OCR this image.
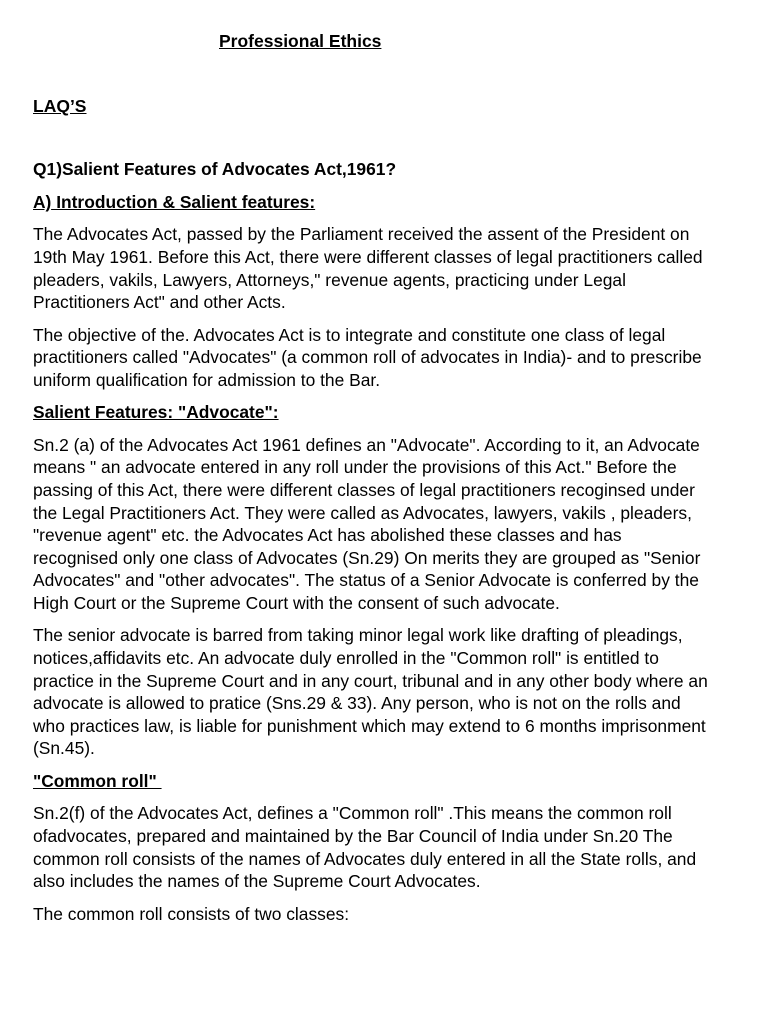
Professional Ethics
LAQ’S

Q1)Salient Features of Advocates Act,1961?

A) Introduction & Salient features:

The Advocates Act, passed by the Parliament received the assent of the President on
19th May 1961. Before this Act, there were different classes of legal practitioners called
pleaders, vakils, Lawyers, Attorneys," revenue agents, practicing under Legal
Practitioners Act" and other Acts.

The objective of the. Advocates Act is to integrate and constitute one class of legal
practitioners called "Advocates" (a common roll of advocates in India)- and to prescribe
uniform qualification for admission to the Bar.

Salient Features: "Advocate":

Sn.2 (a) of the Advocates Act 1961 defines an "Advocate". According to it, an Advocate
means " an advocate entered in any roll under the provisions of this Act." Before the
passing of this Act, there were different classes of legal practitioners recoginsed under
the Legal Practitioners Act. They were called as Advocates, lawyers, vakils , pleaders,
"revenue agent" etc. the Advocates Act has abolished these classes and has
recognised only one class of Advocates (Sn.29) On merits they are grouped as "Senior
Advocates" and "other advocates". The status of a Senior Advocate is conferred by the
High Court or the Supreme Court with the consent of such advocate.

The senior advocate is barred from taking minor legal work like drafting of pleadings,
notices,affidavits etc. An advocate duly enrolled in the "Common roll" is entitled to
practice in the Supreme Court and in any court, tribunal and in any other body where an
advocate is allowed to pratice (Sns.29 & 33). Any person, who is not on the rolls and
who practices law, is liable for punishment which may extend to 6 months imprisonment
(Sn.45).

"Common roll"

Sn.2(f) of the Advocates Act, defines a "Common roll" .This means the common roll
ofadvocates, prepared and maintained by the Bar Council of India under Sn.20 The
common roll consists of the names of Advocates duly entered in all the State rolls, and
also includes the names of the Supreme Court Advocates.

The common roll consists of two classes:
